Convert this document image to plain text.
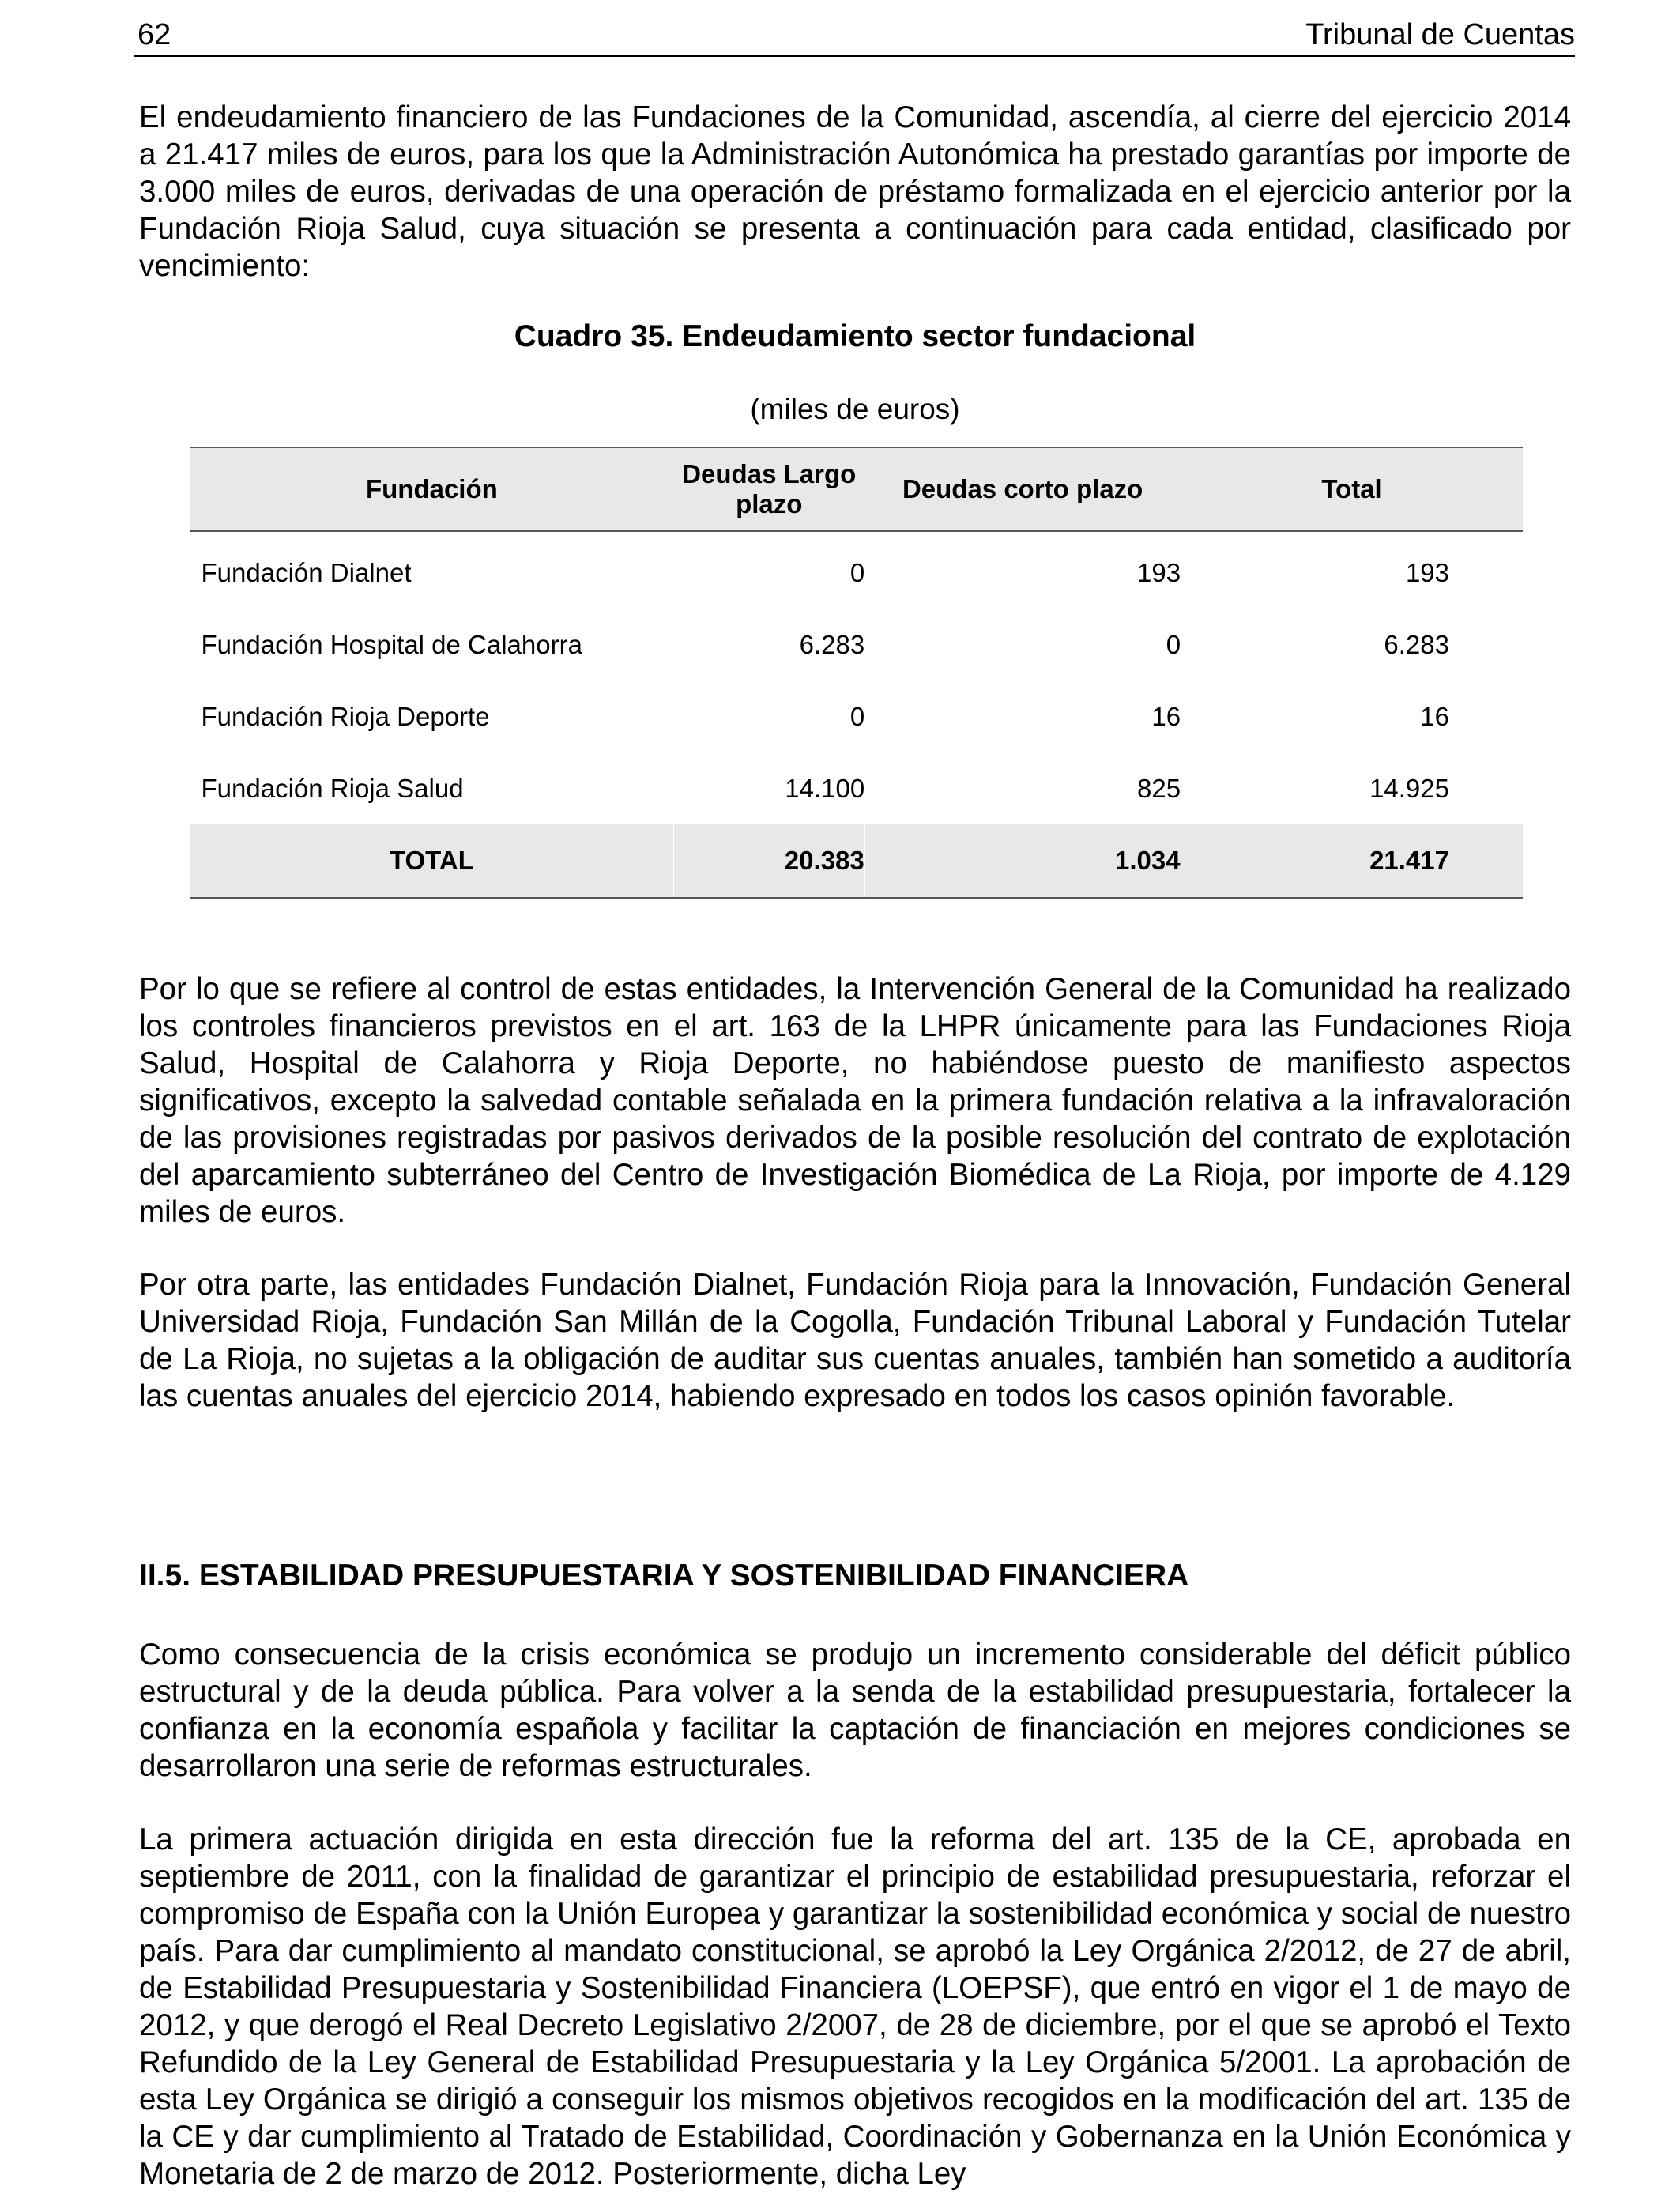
62	Tribunal de Cuentas

El endeudamiento financiero de las Fundaciones de la Comunidad, ascendía, al cierre del ejercicio 2014 a 21.417 miles de euros, para los que la Administración Autonómica ha prestado garantías por importe de 3.000 miles de euros, derivadas de una operación de préstamo formalizada en el ejercicio anterior por la Fundación Rioja Salud, cuya situación se presenta a continuación para cada entidad, clasificado por vencimiento:

Cuadro 35. Endeudamiento sector fundacional

(miles de euros)

Fundación	Deudas Largo plazo	Deudas corto plazo	Total
Fundación Dialnet	0	193	193
Fundación Hospital de Calahorra	6.283	0	6.283
Fundación Rioja Deporte	0	16	16
Fundación Rioja Salud	14.100	825	14.925
TOTAL	20.383	1.034	21.417

Por lo que se refiere al control de estas entidades, la Intervención General de la Comunidad ha realizado los controles financieros previstos en el art. 163 de la LHPR únicamente para las Fundaciones Rioja Salud, Hospital de Calahorra y Rioja Deporte, no habiéndose puesto de manifiesto aspectos significativos, excepto la salvedad contable señalada en la primera fundación relativa a la infravaloración de las provisiones registradas por pasivos derivados de la posible resolución del contrato de explotación del aparcamiento subterráneo del Centro de Investigación Biomédica de La Rioja, por importe de 4.129 miles de euros.

Por otra parte, las entidades Fundación Dialnet, Fundación Rioja para la Innovación, Fundación General Universidad Rioja, Fundación San Millán de la Cogolla, Fundación Tribunal Laboral y Fundación Tutelar de La Rioja, no sujetas a la obligación de auditar sus cuentas anuales, también han sometido a auditoría las cuentas anuales del ejercicio 2014, habiendo expresado en todos los casos opinión favorable.

II.5. ESTABILIDAD PRESUPUESTARIA Y SOSTENIBILIDAD FINANCIERA

Como consecuencia de la crisis económica se produjo un incremento considerable del déficit público estructural y de la deuda pública. Para volver a la senda de la estabilidad presupuestaria, fortalecer la confianza en la economía española y facilitar la captación de financiación en mejores condiciones se desarrollaron una serie de reformas estructurales.

La primera actuación dirigida en esta dirección fue la reforma del art. 135 de la CE, aprobada en septiembre de 2011, con la finalidad de garantizar el principio de estabilidad presupuestaria, reforzar el compromiso de España con la Unión Europea y garantizar la sostenibilidad económica y social de nuestro país. Para dar cumplimiento al mandato constitucional, se aprobó la Ley Orgánica 2/2012, de 27 de abril, de Estabilidad Presupuestaria y Sostenibilidad Financiera (LOEPSF), que entró en vigor el 1 de mayo de 2012, y que derogó el Real Decreto Legislativo 2/2007, de 28 de diciembre, por el que se aprobó el Texto Refundido de la Ley General de Estabilidad Presupuestaria y la Ley Orgánica 5/2001. La aprobación de esta Ley Orgánica se dirigió a conseguir los mismos objetivos recogidos en la modificación del art. 135 de la CE y dar cumplimiento al Tratado de Estabilidad, Coordinación y Gobernanza en la Unión Económica y Monetaria de 2 de marzo de 2012. Posteriormente, dicha Ley
